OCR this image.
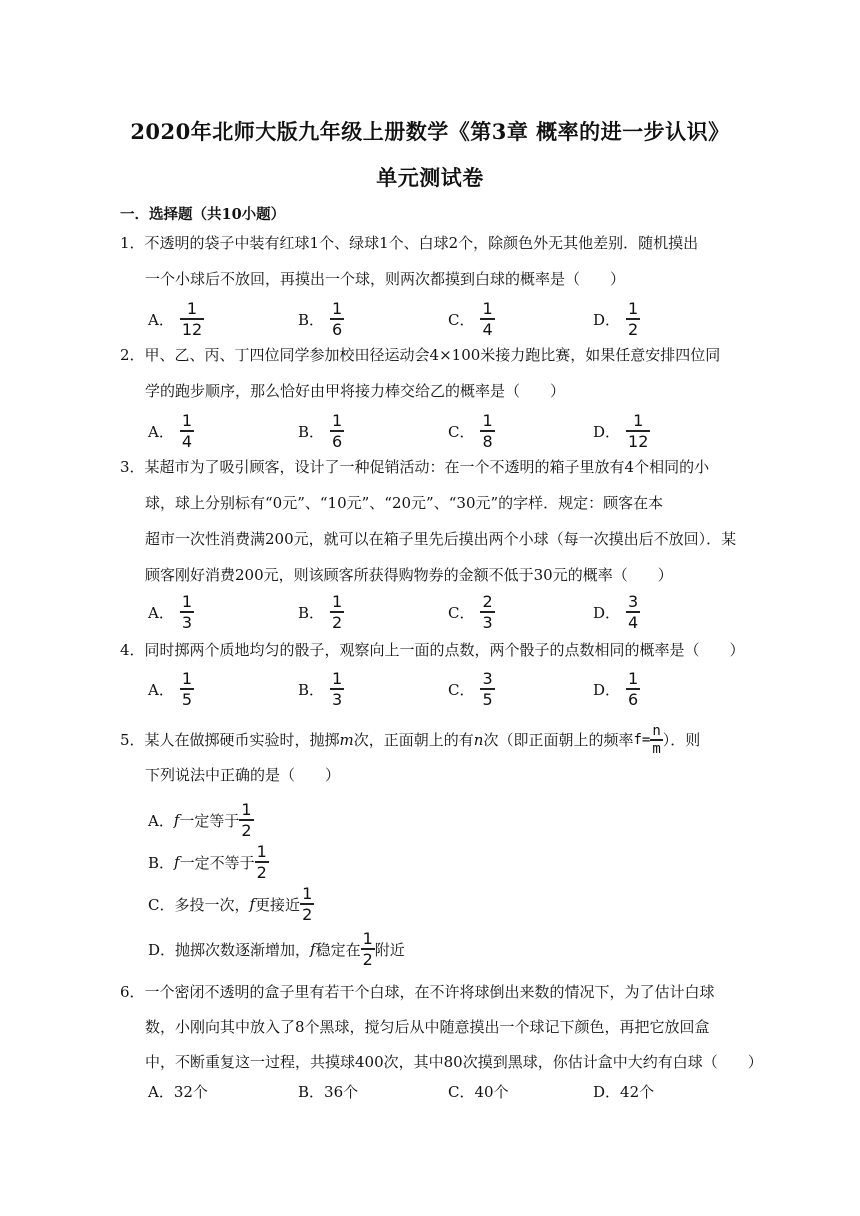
2020年北师大版九年级上册数学《第3章 概率的进一步认识》
单元测试卷
一．选择题（共10小题）
1．不透明的袋子中装有红球1个、绿球1个、白球2个，除颜色外无其他差别．随机摸出
一个小球后不放回，再摸出一个球，则两次都摸到白球的概率是（　　）
A． $\frac{1}{12}$	B． $\frac{1}{6}$	C． $\frac{1}{4}$	D． $\frac{1}{2}$
2．甲、乙、丙、丁四位同学参加校田径运动会4×100米接力跑比赛，如果任意安排四位同
学的跑步顺序，那么恰好由甲将接力棒交给乙的概率是（　　）
A． $\frac{1}{4}$	B． $\frac{1}{6}$	C． $\frac{1}{8}$	D． $\frac{1}{12}$
3．某超市为了吸引顾客，设计了一种促销活动：在一个不透明的箱子里放有4个相同的小
球，球上分别标有“0元”、“10元”、“20元”、“30元”的字样．规定：顾客在本
超市一次性消费满200元，就可以在箱子里先后摸出两个小球（每一次摸出后不放回）．某
顾客刚好消费200元，则该顾客所获得购物券的金额不低于30元的概率（　　）
A． $\frac{1}{3}$	B． $\frac{1}{2}$	C． $\frac{2}{3}$	D． $\frac{3}{4}$
4．同时掷两个质地均匀的骰子，观察向上一面的点数，两个骰子的点数相同的概率是（　　）
A． $\frac{1}{5}$	B． $\frac{1}{3}$	C． $\frac{3}{5}$	D． $\frac{1}{6}$
5．某人在做掷硬币实验时，抛掷 m 次，正面朝上的有 n 次（即正面朝上的频率 $f= \frac{n}{m}$ ）．则
下列说法中正确的是（　　）
A． f 一定等于 $\frac{1}{2}$
B． f 一定不等于 $\frac{1}{2}$
C．多投一次， f 更接近 $\frac{1}{2}$
D．抛掷次数逐渐增加， f 稳定在 $\frac{1}{2}$ 附近
6．一个密闭不透明的盒子里有若干个白球，在不许将球倒出来数的情况下，为了估计白球
数，小刚向其中放入了8个黑球，搅匀后从中随意摸出一个球记下颜色，再把它放回盒
中，不断重复这一过程，共摸球400次，其中80次摸到黑球，你估计盒中大约有白球（　　）
A．32个	B．36个	C．40个	D．42个
